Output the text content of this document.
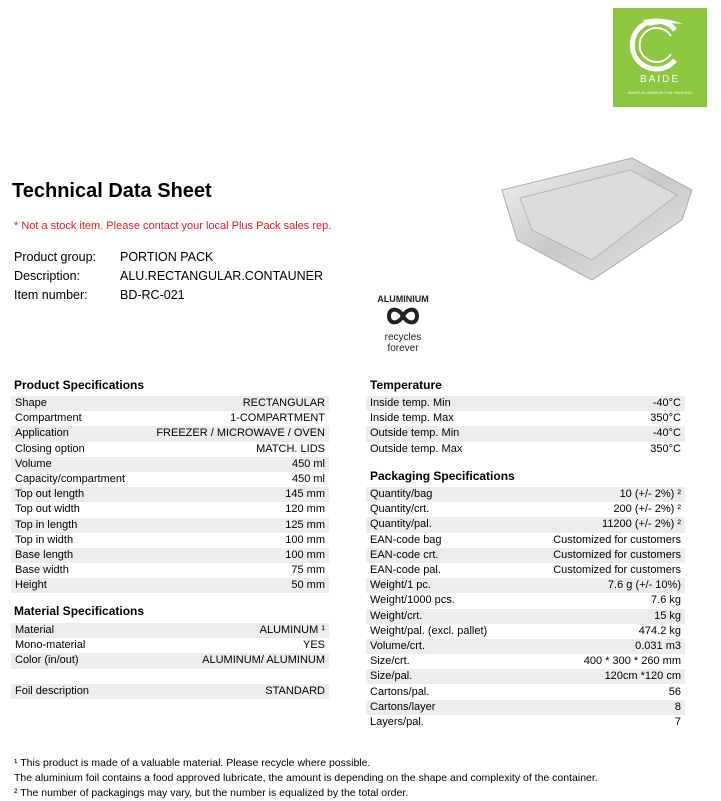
BAIDE
BAIDE ALUMINIUM FOIL PACKING
Technical Data Sheet
* Not a stock item. Please contact your local Plus Pack sales rep.
Product group: PORTION PACK
Description:	ALU.RECTANGULAR.CONTAUNER
Item number:	BD-RC-021	ALUMINIUM
recycles
forever
Product Specifications
Shape	RECTANGULAR
Compartment	1-COMPARTMENT
Application	FREEZER / MICROWAVE / OVEN
Closing option	MATCH. LIDS
Volume	450 ml
Capacity/compartment	450 ml
Top out length	145 mm
Top out width	120 mm
Top in length	125 mm
Top in width	100 mm
Base length	100 mm
Base width	75 mm
Height	50 mm
Material Specifications
Material	ALUMINUM ¹
Mono-material	YES
Color (in/out)	ALUMINUM/ ALUMINUM
Foil description	STANDARD
Temperature
Inside temp. Min	-40°C
Inside temp. Max	350°C
Outside temp. Min	-40°C
Outside temp. Max	350°C
Packaging Specifications
Quantity/bag	10 (+/- 2%) ²
Quantity/crt.	200 (+/- 2%) ²
Quantity/pal.	11200 (+/- 2%) ²
EAN-code bag	Customized for customers
EAN-code crt.	Customized for customers
EAN-code pal.	Customized for customers
Weight/1 pc.	7.6 g (+/- 10%)
Weight/1000 pcs.	7.6 kg
Weight/crt.	15 kg
Weight/pal. (excl. pallet)	474.2 kg
Volume/crt.	0.031 m3
Size/crt.	400 * 300 * 260 mm
Size/pal.	120cm *120 cm
Cartons/pal.	56
Cartons/layer	8
Layers/pal.	7
¹ This product is made of a valuable material. Please recycle where possible.
The aluminium foil contains a food approved lubricate, the amount is depending on the shape and complexity of the container.
² The number of packagings may vary, but the number is equalized by the total order.
